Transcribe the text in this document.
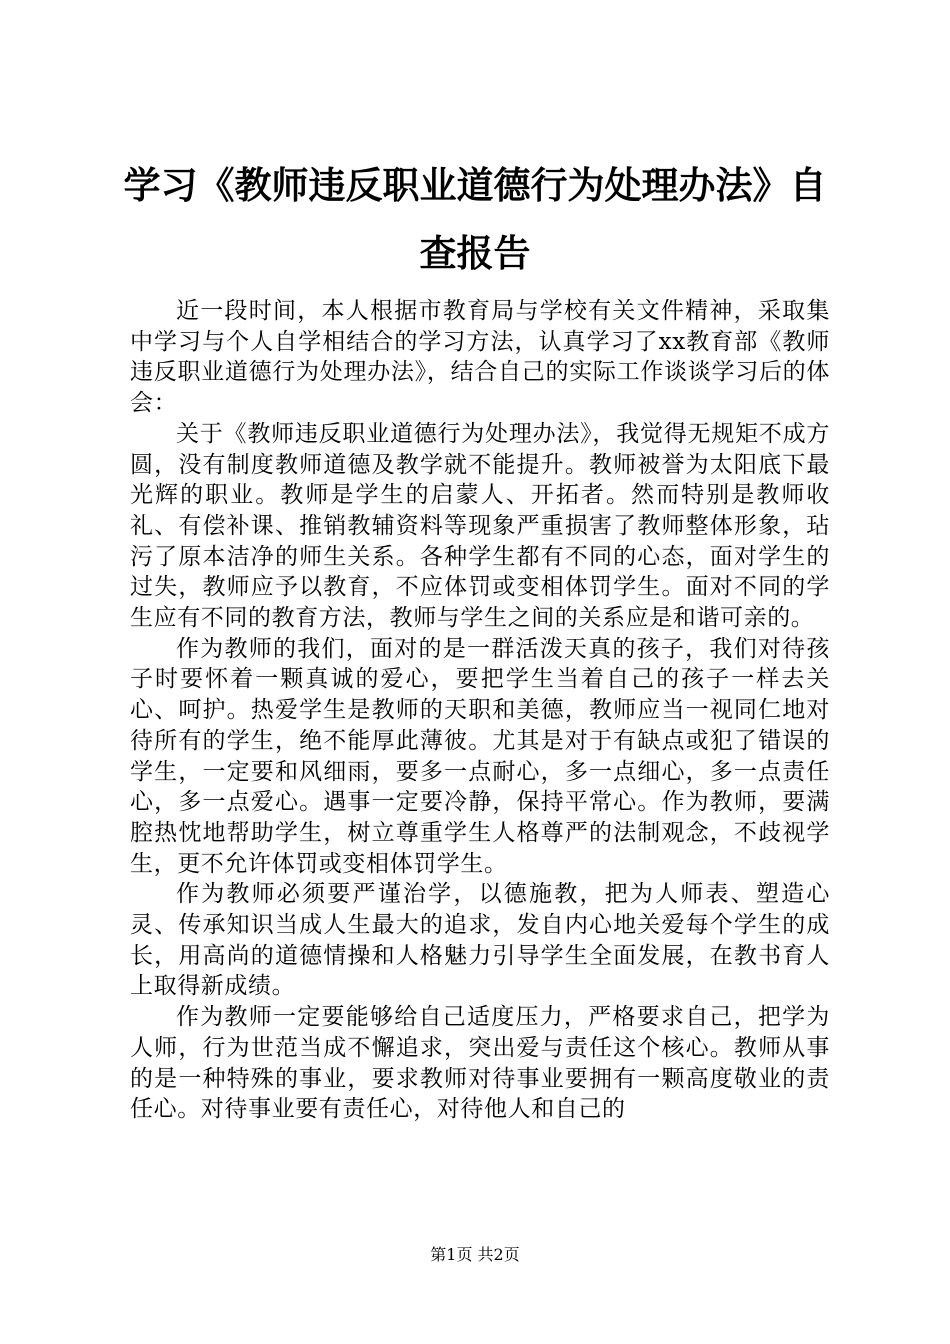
学习《教师违反职业道德行为处理办法》自查报告

近一段时间，本人根据市教育局与学校有关文件精神，采取集中学习与个人自学相结合的学习方法，认真学习了xx教育部《教师违反职业道德行为处理办法》，结合自己的实际工作谈谈学习后的体会：

关于《教师违反职业道德行为处理办法》，我觉得无规矩不成方圆，没有制度教师道德及教学就不能提升。教师被誉为太阳底下最光辉的职业。教师是学生的启蒙人、开拓者。然而特别是教师收礼、有偿补课、推销教辅资料等现象严重损害了教师整体形象，玷污了原本洁净的师生关系。各种学生都有不同的心态，面对学生的过失，教师应予以教育，不应体罚或变相体罚学生。面对不同的学生应有不同的教育方法，教师与学生之间的关系应是和谐可亲的。

作为教师的我们，面对的是一群活泼天真的孩子，我们对待孩子时要怀着一颗真诚的爱心，要把学生当着自己的孩子一样去关心、呵护。热爱学生是教师的天职和美德，教师应当一视同仁地对待所有的学生，绝不能厚此薄彼。尤其是对于有缺点或犯了错误的学生，一定要和风细雨，要多一点耐心，多一点细心，多一点责任心，多一点爱心。遇事一定要冷静，保持平常心。作为教师，要满腔热忱地帮助学生，树立尊重学生人格尊严的法制观念，不歧视学生，更不允许体罚或变相体罚学生。

作为教师必须要严谨治学，以德施教，把为人师表、塑造心灵、传承知识当成人生最大的追求，发自内心地关爱每个学生的成长，用高尚的道德情操和人格魅力引导学生全面发展，在教书育人上取得新成绩。

作为教师一定要能够给自己适度压力，严格要求自己，把学为人师，行为世范当成不懈追求，突出爱与责任这个核心。教师从事的是一种特殊的事业，要求教师对待事业要拥有一颗高度敬业的责任心。对待事业要有责任心，对待他人和自己的

第1页 共2页
